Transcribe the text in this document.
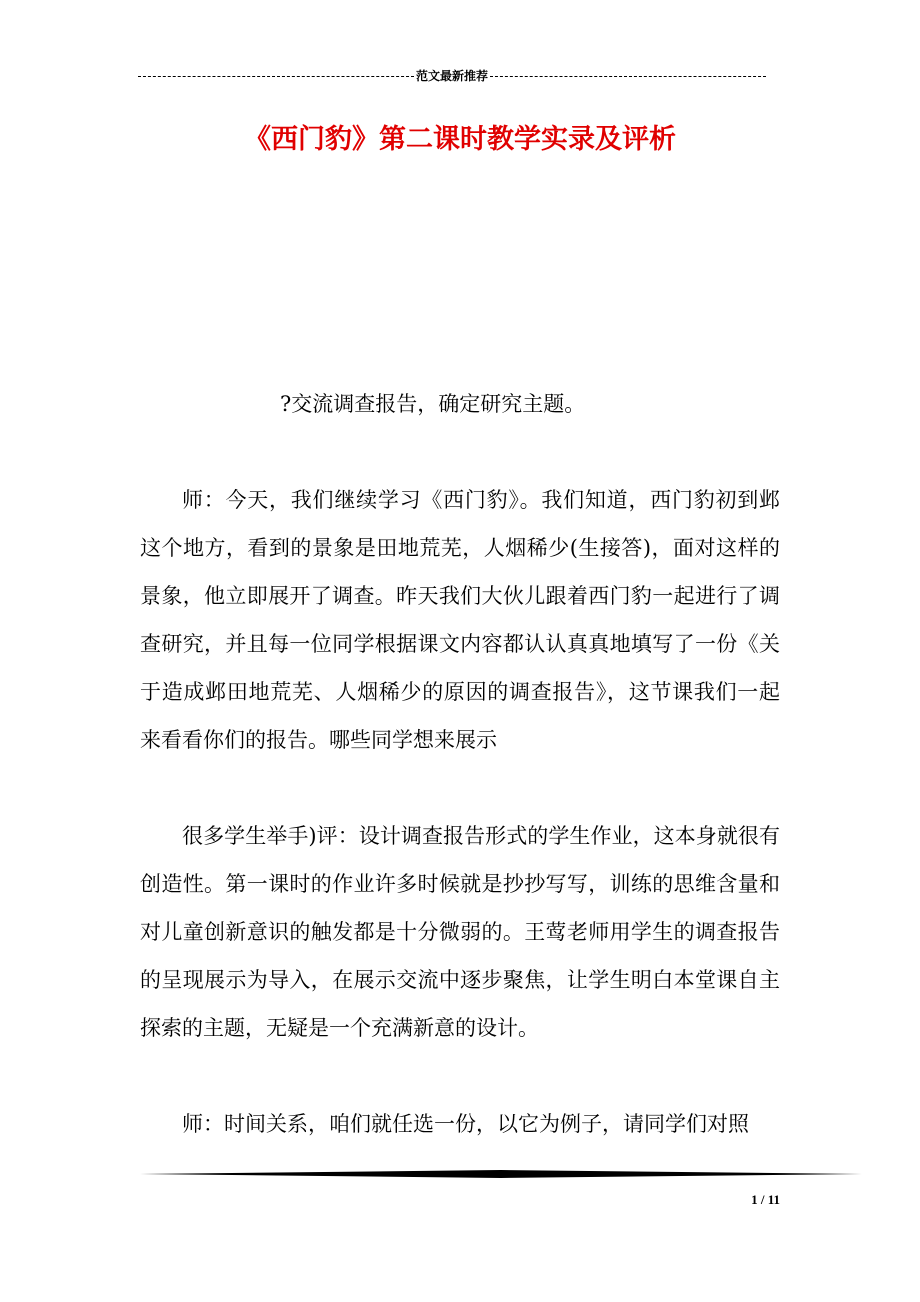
范文最新推荐
《西门豹》第二课时教学实录及评析

?交流调查报告，确定研究主题。

师：今天，我们继续学习《西门豹》。我们知道，西门豹初到邺这个地方，看到的景象是田地荒芜，人烟稀少(生接答)，面对这样的景象，他立即展开了调查。昨天我们大伙儿跟着西门豹一起进行了调查研究，并且每一位同学根据课文内容都认认真真地填写了一份《关于造成邺田地荒芜、人烟稀少的原因的调查报告》，这节课我们一起来看看你们的报告。哪些同学想来展示

很多学生举手)评：设计调查报告形式的学生作业，这本身就很有创造性。第一课时的作业许多时候就是抄抄写写，训练的思维含量和对儿童创新意识的触发都是十分微弱的。王莺老师用学生的调查报告的呈现展示为导入，在展示交流中逐步聚焦，让学生明白本堂课自主探索的主题，无疑是一个充满新意的设计。

师：时间关系，咱们就任选一份，以它为例子，请同学们对照

1 / 11
